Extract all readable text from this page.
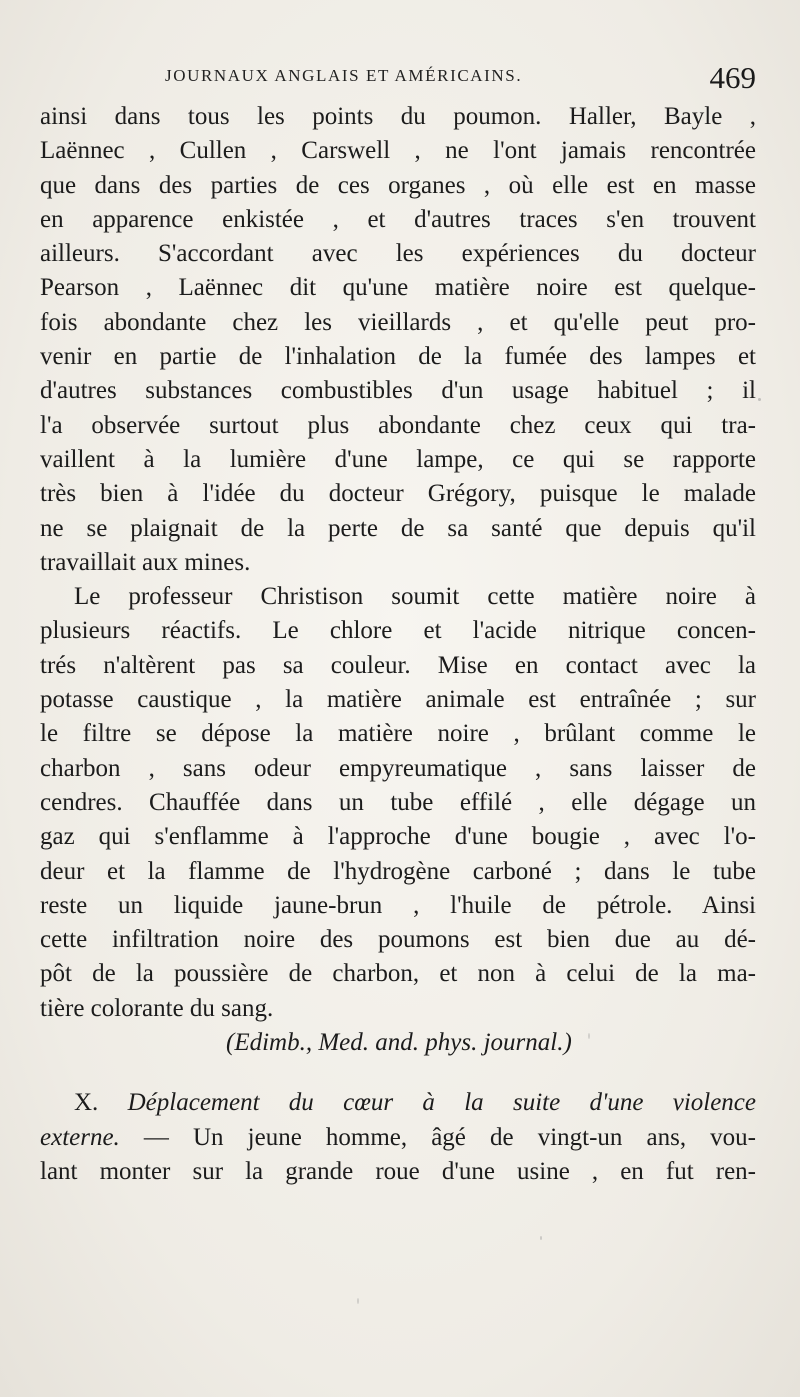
JOURNAUX ANGLAIS ET AMÉRICAINS.	469
ainsi dans tous les points du poumon. Haller, Bayle ,
Laënnec , Cullen , Carswell , ne l'ont jamais rencontrée
que dans des parties de ces organes , où elle est en masse
en apparence enkistée , et d'autres traces s'en trouvent
ailleurs. S'accordant avec les expériences du docteur
Pearson , Laënnec dit qu'une matière noire est quelque-
fois abondante chez les vieillards , et qu'elle peut pro-
venir en partie de l'inhalation de la fumée des lampes et
d'autres substances combustibles d'un usage habituel ; il
l'a observée surtout plus abondante chez ceux qui tra-
vaillent à la lumière d'une lampe, ce qui se rapporte
très bien à l'idée du docteur Grégory, puisque le malade
ne se plaignait de la perte de sa santé que depuis qu'il
travaillait aux mines.
Le professeur Christison soumit cette matière noire à
plusieurs réactifs. Le chlore et l'acide nitrique concen-
trés n'altèrent pas sa couleur. Mise en contact avec la
potasse caustique , la matière animale est entraînée ; sur
le filtre se dépose la matière noire , brûlant comme le
charbon , sans odeur empyreumatique , sans laisser de
cendres. Chauffée dans un tube effilé , elle dégage un
gaz qui s'enflamme à l'approche d'une bougie , avec l'o-
deur et la flamme de l'hydrogène carboné ; dans le tube
reste un liquide jaune-brun , l'huile de pétrole. Ainsi
cette infiltration noire des poumons est bien due au dé-
pôt de la poussière de charbon, et non à celui de la ma-
tière colorante du sang.
(Edimb., Med. and. phys. journal.)
X. Déplacement du cœur à la suite d'une violence
externe. — Un jeune homme, âgé de vingt-un ans, vou-
lant monter sur la grande roue d'une usine , en fut ren-
